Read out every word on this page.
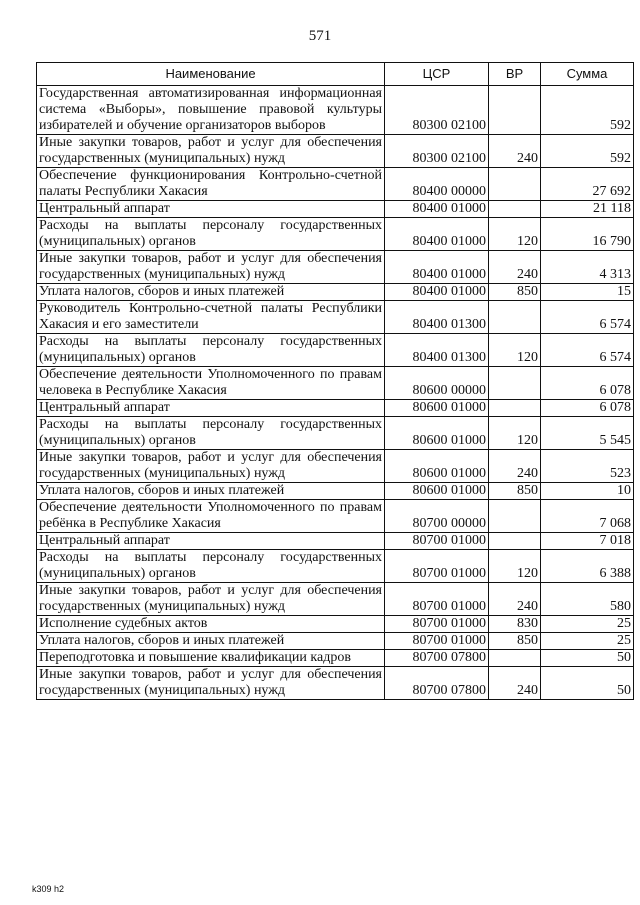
571
Наименование	ЦСР	ВР	Сумма
Государственная автоматизированная информационная система «Выборы», повышение правовой культуры избирателей и обучение организаторов выборов	80300 02100		592
Иные закупки товаров, работ и услуг для обеспечения государственных (муниципальных) нужд	80300 02100	240	592
Обеспечение функционирования Контрольно-счетной палаты Республики Хакасия	80400 00000		27 692
Центральный аппарат	80400 01000		21 118
Расходы на выплаты персоналу государственных (муниципальных) органов	80400 01000	120	16 790
Иные закупки товаров, работ и услуг для обеспечения государственных (муниципальных) нужд	80400 01000	240	4 313
Уплата налогов, сборов и иных платежей	80400 01000	850	15
Руководитель Контрольно-счетной палаты Республики Хакасия и его заместители	80400 01300		6 574
Расходы на выплаты персоналу государственных (муниципальных) органов	80400 01300	120	6 574
Обеспечение деятельности Уполномоченного по правам человека в Республике Хакасия	80600 00000		6 078
Центральный аппарат	80600 01000		6 078
Расходы на выплаты персоналу государственных (муниципальных) органов	80600 01000	120	5 545
Иные закупки товаров, работ и услуг для обеспечения государственных (муниципальных) нужд	80600 01000	240	523
Уплата налогов, сборов и иных платежей	80600 01000	850	10
Обеспечение деятельности Уполномоченного по правам ребёнка в Республике Хакасия	80700 00000		7 068
Центральный аппарат	80700 01000		7 018
Расходы на выплаты персоналу государственных (муниципальных) органов	80700 01000	120	6 388
Иные закупки товаров, работ и услуг для обеспечения государственных (муниципальных) нужд	80700 01000	240	580
Исполнение судебных актов	80700 01000	830	25
Уплата налогов, сборов и иных платежей	80700 01000	850	25
Переподготовка и повышение квалификации кадров	80700 07800		50
Иные закупки товаров, работ и услуг для обеспечения государственных (муниципальных) нужд	80700 07800	240	50
k309 h2
